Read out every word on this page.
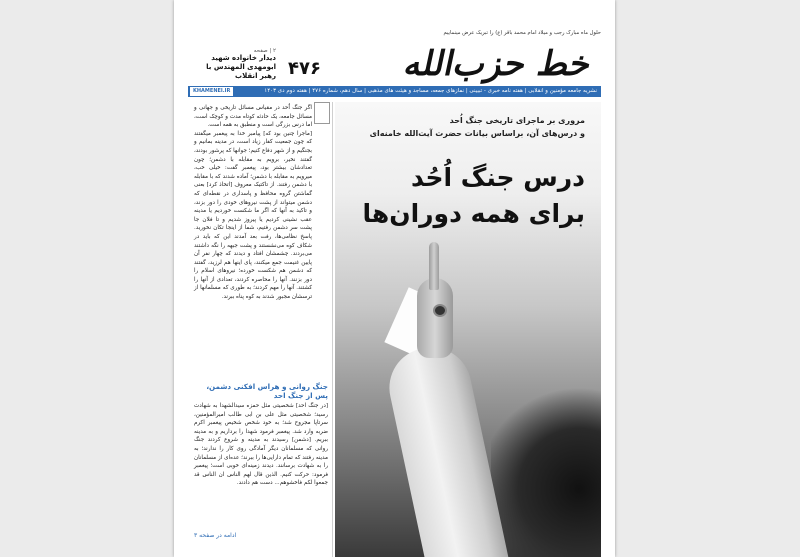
حلول ماه مبارک رجب و میلاد امام محمد باقر (ع) را تبریک عرض مینماییم
خط حزب‌الله
۴۷۶
۲ | صفحه
دیدار خانواده شهید
ابومهدی المهندس با
رهبر انقلاب
نشریه جامعه مؤمنین و انقلابی | هفته نامه خبری - تبیینی | نمازهای جمعه، مساجد و هیئت های مذهبی | سال دهم، شماره ۴۷۶ | هفته دوم دی ۱۴۰۳
KHAMENEI.IR

اگر جنگ اُحد در مقیاس مسائل تاریخی و جهانی و مسائل جامعه، یک حادثه کوتاه مدت و کوچک است، اما درس بزرگی است و منطبق به همه است.

[ماجرا چنین بود که] پیامبر خدا به پیغمبر میگفتند که چون جمعیت کفار زیاد است، در مدینه بمانیم و بجنگیم و از شهر دفاع کنیم؛ جوانها که پرشور بودند، گفتند نخیر، برویم به مقابله با دشمن؛ چون تعدادشان بیشتر بود، پیغمبر گفت: خیلی خب، میرویم به مقابله با دشمن؛ آماده شدند که با مقابله با دشمن رفتند. از تاکتیک معروف [اتخاذ کرد] بعنی گماشتن گروه محافظ و پاسداری در نقطه‌ای که دشمن میتواند از پشت نیروهای خودی را دور بزند، و تاکید به آنها که اگر ما شکست خوردیم یا مدینه عقب نشینی کردیم یا پیروز شدیم و تا فلان جا پشت سر دشمن رفتیم، شما از اینجا تکان نخورید. پاسخ نظامی‌ها، رفت بعد آمدند این که باید در شکاف کوه می‌نشستند و پشت جبهه را نگه داشتند می‌بردند. چشمشان افتاد و دیدند که چهار نفر آن پایین غنیمت جمع میکنند، پای اینها هم لرزید، گفتند که دشمن هم شکست خورده؛ نیروهای اسلام را دور بزنند. آنها را محاصره کردند، تعدادی از آنها را کشتند. آنها را مهم کردند؛ به طوری که مسلمانها از ترسشان مجبور شدند به کوه پناه ببرند.

جنگ روانی و هراس افکنی دشمن، پس از جنگ احد

[در جنگ احد] شخصیتی مثل حمزه سیدالشهدا به شهادت رسید؛ شخصیتی مثل علی بن ابی طالب امیرالمؤمنین، سرتاپا مجروح شد؛ به خود شخص شخیص پیغمبر اکرم ضربه وارد شد. پیغمبر فرمود شهدا را برداریم و به مدینه ببریم. [دشمن] رسیدند به مدینه و شروع کردند جنگ روانی که مسلمانان دیگر آمادگی روی کار را ندارند؛ به مدینه رفتند که تمام دارایی‌ها را ببرند؛ عده‌ای از مسلمانان را به شهادت برسانند. دیدند زمینه‌ای خوبی است؛ پیغمبر فرمود: حرکت کنیم. الذین قال لهم الناس ان الناس قد جمعوا لکم فاخشوهم... دست هم دادند.

ادامه در صفحه ۳
مروری بر ماجرای تاریخی جنگ اُحد
و درس‌های آن، براساس بیانات حضرت آیت‌الله خامنه‌ای
درس جنگ اُحُد
برای همه دوران‌ها
